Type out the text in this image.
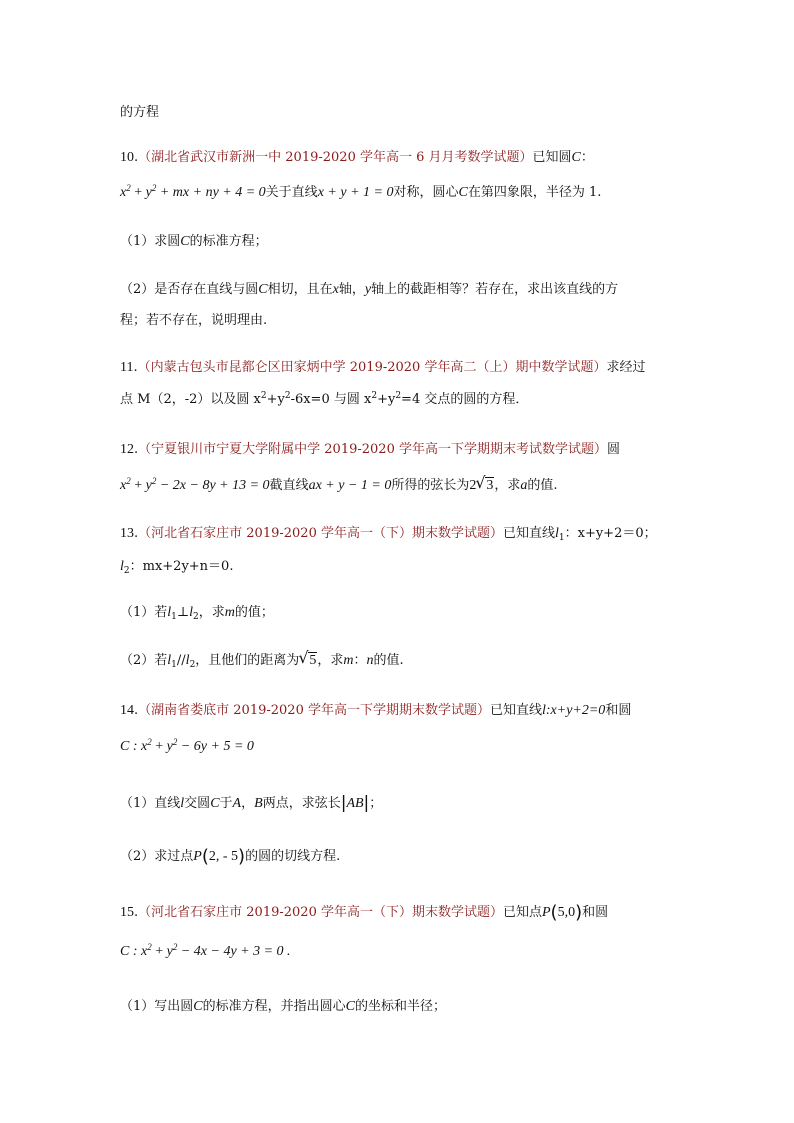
的方程
10.（湖北省武汉市新洲一中 2019-2020 学年高一 6 月月考数学试题）已知圆C：
$x^2 + y^2$ + mx + ny + 4 = 0关于直线x + y + 1 = 0对称，圆心C在第四象限，半径为 1.
（1）求圆C的标准方程；
（2）是否存在直线与圆C相切，且在x轴，y轴上的截距相等？若存在，求出该直线的方
程；若不存在，说明理由.
11.（内蒙古包头市昆都仑区田家炳中学 2019-2020 学年高二（上）期中数学试题）求经过
点 M（2，-2）以及圆 $x^2+y^2-6x=0$ 与圆 $x^2+y^2=4$ 交点的圆的方程．
12.（宁夏银川市宁夏大学附属中学 2019-2020 学年高一下学期期末考试数学试题）圆
$x^2 + y^2 - 2x - 8y + 13 = 0$截直线ax + y − 1 = 0所得的弦长为2 √ 3，求a的值.
13.（河北省石家庄市 2019-2020 学年高一（下）期末数学试题）已知直线$l_1$：x+y+2＝0；
$l_2$：mx+2y+n＝0.
（1）若$l_1\perp l_2$，求m的值；
（2）若$l_1//l_2$，且他们的距离为 √ 5，求m：n的值.
14.（湖南省娄底市 2019-2020 学年高一下学期期末数学试题）已知直线l:x+y+2=0和圆
C : $x^2 + y^2 - 6y + 5 = 0$
（1）直线l交圆C于A，B两点，求弦长|AB|；
（2）求过点P(2, - 5)的圆的切线方程.
15.（河北省石家庄市 2019-2020 学年高一（下）期末数学试题）已知点P(5,0)和圆
C : $x^2 + y^2 - 4x - 4y + 3 = 0$ .
（1）写出圆C的标准方程，并指出圆心C的坐标和半径；
